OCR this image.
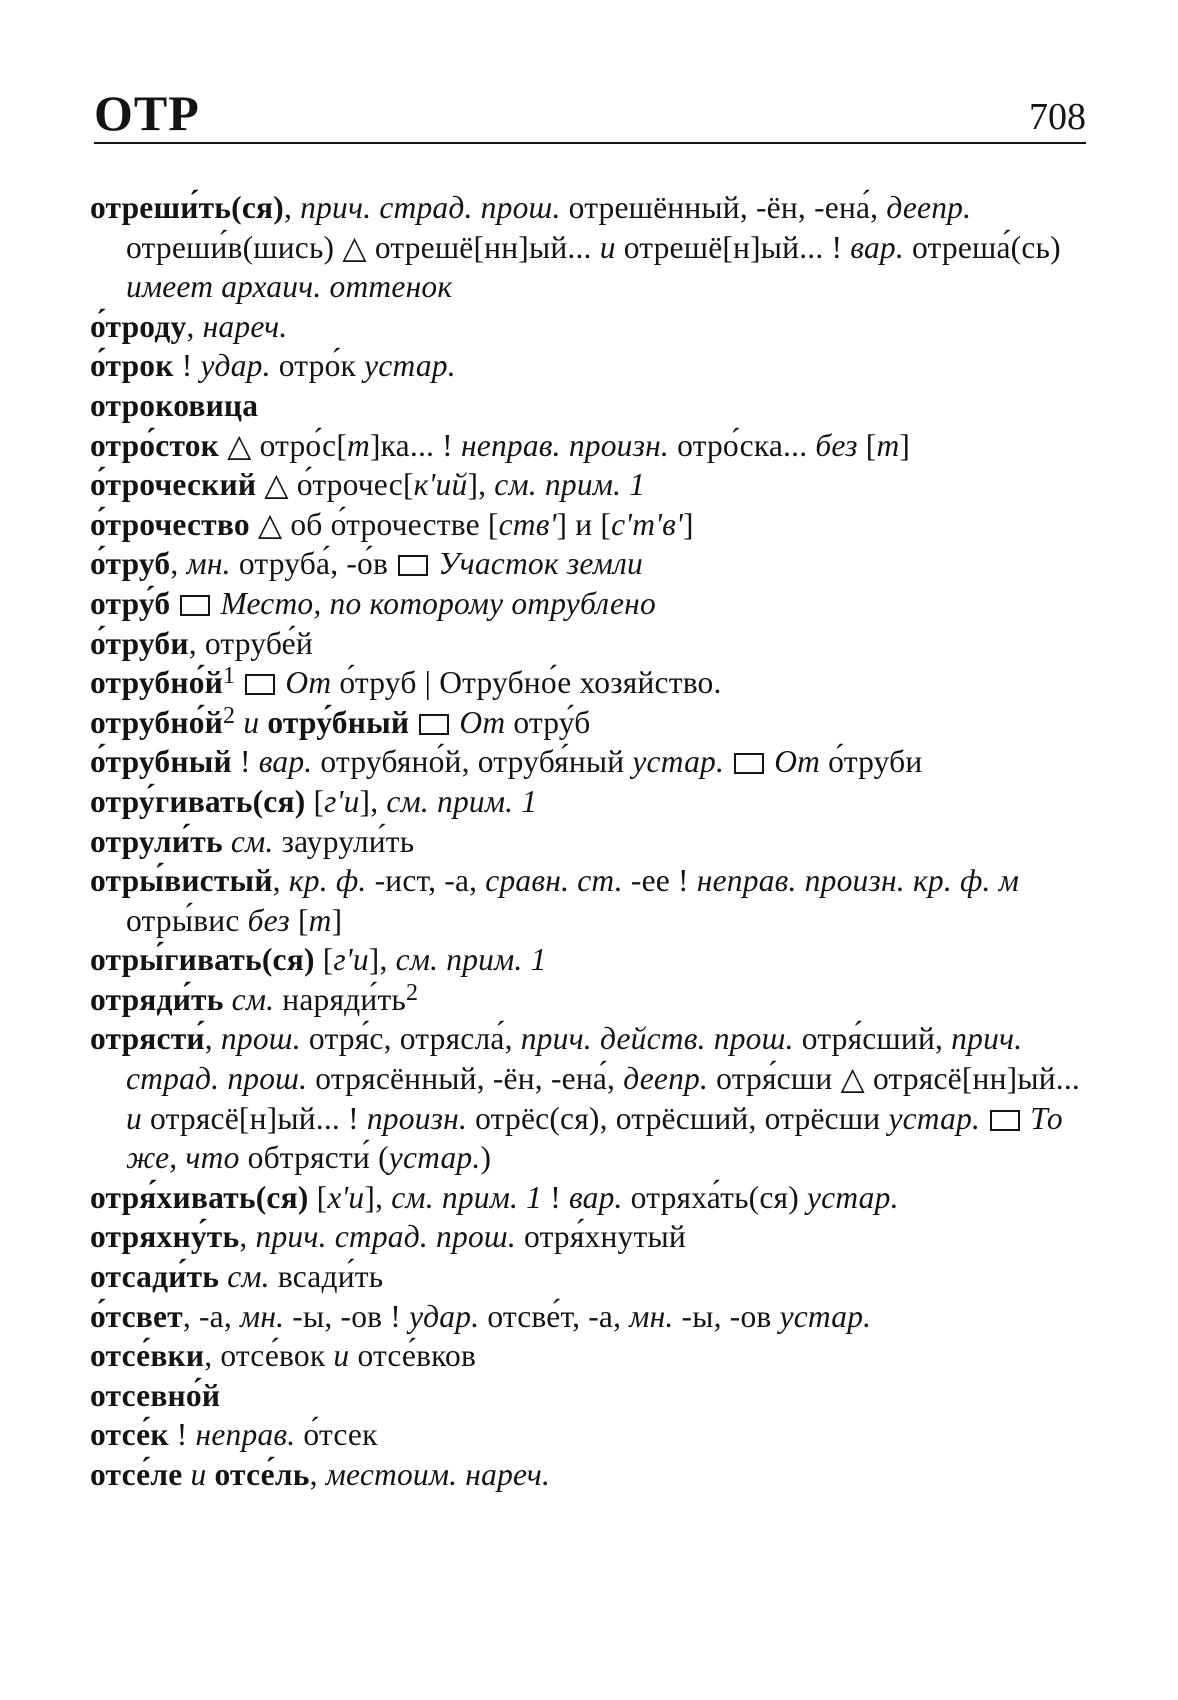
ОТР	708

отреши́ть(ся), прич. страд. прош. отрешённый, -ён, -ена́, деепр. отреши́в(шись) △ отрешё[нн]ый... и отрешё[н]ый... ! вар. отреша́(сь) имеет архаич. оттенок

о́троду, нареч.

о́трок ! удар. отро́к устар.

отроковица

отро́сток △ отро́с[т]ка... ! неправ. произн. отро́ска... без [т]

о́троческий △ о́трочес[к'ий], см. прим. 1

о́трочество △ об о́трочестве [ств'] и [с'т'в']

о́труб, мн. отруба́, -о́в  Участок земли

отру́б Место, по которому отрублено

о́труби, отрубе́й

$отрубно́й^1$ От о́труб | Отрубно́е хозяйство.

$отрубно́й^2$ и отру́бный От отру́б

о́трубный ! вар. отрубяно́й, отрубя́ный устар. От о́труби

отру́гивать(ся) [г'и], см. прим. 1

отрули́ть см. заурули́ть

отры́вистый, кр. ф. -ист, -а, сравн. ст. -ее ! неправ. произн. кр. ф. м отры́вис без [т]

отры́гивать(ся) [г'и], см. прим. 1

отряди́ть см. $наряди́ть^2$

отрясти́, прош. отря́с, отрясла́, прич. действ. прош. отря́сший, прич. страд. прош. отрясённый, -ён, -ена́, деепр. отря́сши △ отрясё[нн]ый... и отрясё[н]ый... ! произн. отрёс(ся), отрёсший, отрёсши устар. То же, что обтрясти́ (устар.)

отря́хивать(ся) [х'и], см. прим. 1 ! вар. отряха́ть(ся) устар.

отряхну́ть, прич. страд. прош. отря́хнутый

отсади́ть см. всади́ть

о́тсвет, -а, мн. -ы, -ов ! удар. отсве́т, -а, мн. -ы, -ов устар.

отсе́вки, отсе́вок и отсе́вков

отсевно́й

отсе́к ! неправ. о́тсек

отсе́ле и отсе́ль, местоим. нареч.
